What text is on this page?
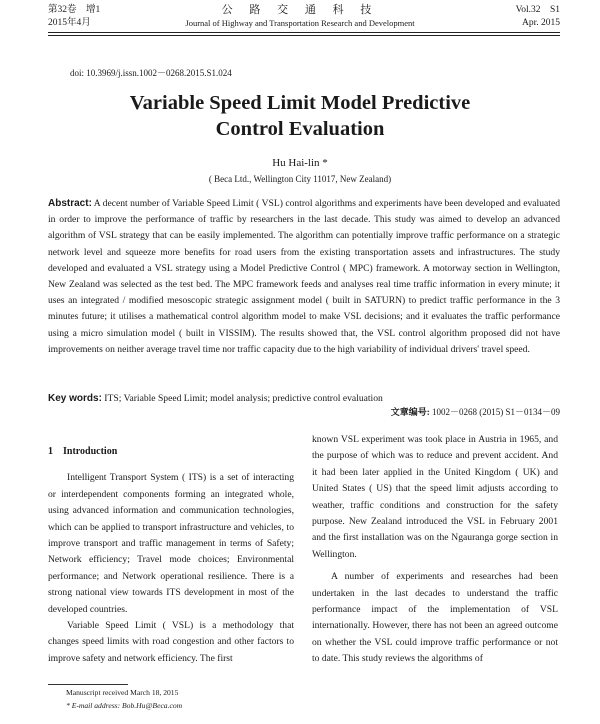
第32卷　增1
2015年4月
公 路 交 通 科 技
Journal of Highway and Transportation Research and Development
Vol.32　S1
Apr. 2015
doi: 10.3969/j.issn.1002－0268.2015.S1.024
Variable Speed Limit Model Predictive
Control Evaluation
Hu Hai-lin *
( Beca Ltd., Wellington City 11017, New Zealand)
Abstract: A decent number of Variable Speed Limit ( VSL) control algorithms and experiments have been developed and evaluated in order to improve the performance of traffic by researchers in the last decade. This study was aimed to develop an advanced algorithm of VSL strategy that can be easily implemented. The algorithm can potentially improve traffic performance on a strategic network level and squeeze more benefits for road users from the existing transportation assets and infrastructures. The study developed and evaluated a VSL strategy using a Model Predictive Control ( MPC) framework. A motorway section in Wellington, New Zealand was selected as the test bed. The MPC framework feeds and analyses real time traffic information in every minute; it uses an integrated / modified mesoscopic strategic assignment model ( built in SATURN) to predict traffic performance in the 3 minutes future; it utilises a mathematical control algorithm model to make VSL decisions; and it evaluates the traffic performance using a micro simulation model ( built in VISSIM). The results showed that, the VSL control algorithm proposed did not have improvements on neither average travel time nor traffic capacity due to the high variability of individual drivers' travel speed.
Key words: ITS; Variable Speed Limit; model analysis; predictive control evaluation
文章编号: 1002－0268 (2015) S1－0134－09

1　Introduction

Intelligent Transport System ( ITS) is a set of interacting or interdependent components forming an integrated whole, using advanced information and communication technologies, which can be applied to transport infrastructure and vehicles, to improve transport and traffic management in terms of Safety; Network efficiency; Travel mode choices; Environmental performance; and Network operational resilience. There is a strong national view towards ITS development in most of the developed countries.

Variable Speed Limit ( VSL) is a methodology that changes speed limits with road congestion and other factors to improve safety and network efficiency. The first

known VSL experiment was took place in Austria in 1965, and the purpose of which was to reduce and prevent accident. And it had been later applied in the United Kingdom ( UK) and United States ( US) that the speed limit adjusts according to weather, traffic conditions and construction for the safety purpose. New Zealand introduced the VSL in February 2001 and the first installation was on the Ngauranga gorge section in Wellington.

A number of experiments and researches had been undertaken in the last decades to understand the traffic performance impact of the implementation of VSL internationally. However, there has not been an agreed outcome on whether the VSL could improve traffic performance or not to date. This study reviews the algorithms of

Manuscript received March 18, 2015
* E-mail address: Bob.Hu@Beca.com
